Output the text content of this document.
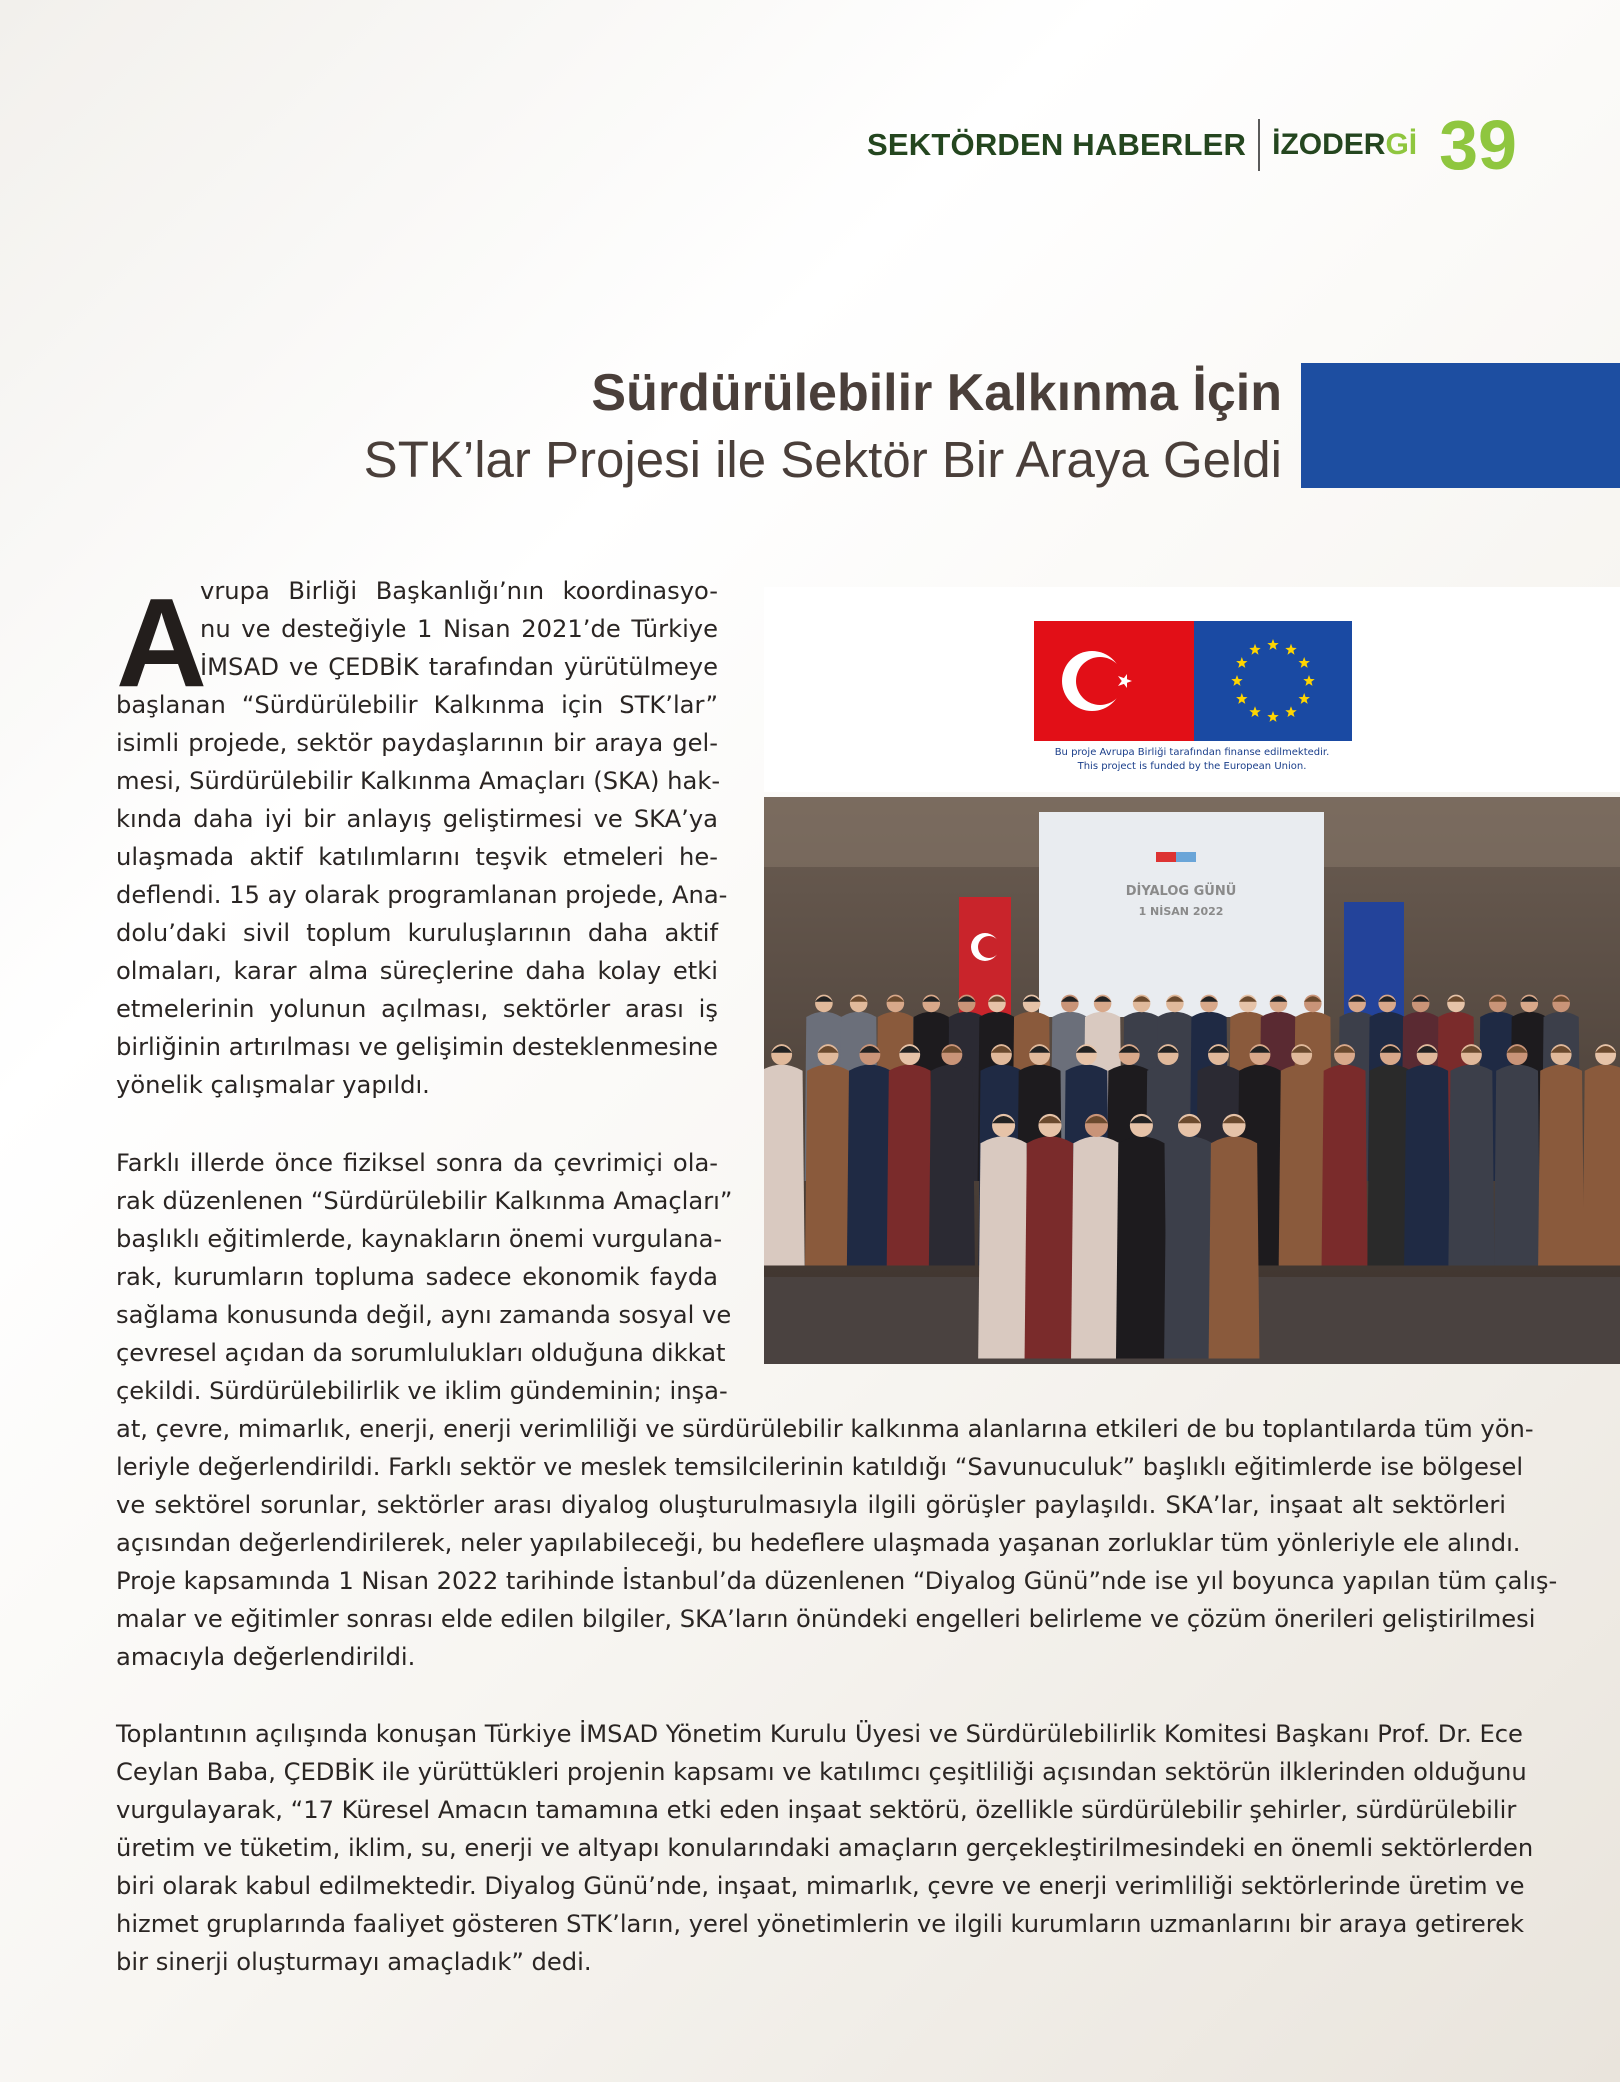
SEKTÖRDEN HABERLER İZODERGİ 39
Sürdürülebilir Kalkınma İçin
STK’lar Projesi ile Sektör Bir Araya Geldi
Bu proje Avrupa Birliği tarafından finanse edilmektedir.
This project is funded by the European Union.
DİYALOG GÜNÜ
1 NİSAN 2022
A
vrupa Birliği Başkanlığı’nın koordinasyo-
nu ve desteğiyle 1 Nisan 2021’de Türkiye
İMSAD ve ÇEDBİK tarafından yürütülmeye
başlanan “Sürdürülebilir Kalkınma için STK’lar”
isimli projede, sektör paydaşlarının bir araya gel-
mesi, Sürdürülebilir Kalkınma Amaçları (SKA) hak-
kında daha iyi bir anlayış geliştirmesi ve SKA’ya
ulaşmada aktif katılımlarını teşvik etmeleri he-
deflendi. 15 ay olarak programlanan projede, Ana-
dolu’daki sivil toplum kuruluşlarının daha aktif
olmaları, karar alma süreçlerine daha kolay etki
etmelerinin yolunun açılması, sektörler arası iş
birliğinin artırılması ve gelişimin desteklenmesine
yönelik çalışmalar yapıldı.
Farklı illerde önce fiziksel sonra da çevrimiçi ola-
rak düzenlenen “Sürdürülebilir Kalkınma Amaçları”
başlıklı eğitimlerde, kaynakların önemi vurgulana-
rak, kurumların topluma sadece ekonomik fayda
sağlama konusunda değil, aynı zamanda sosyal ve
çevresel açıdan da sorumlulukları olduğuna dikkat
çekildi. Sürdürülebilirlik ve iklim gündeminin; inşa-
at, çevre, mimarlık, enerji, enerji verimliliği ve sürdürülebilir kalkınma alanlarına etkileri de bu toplantılarda tüm yön-
leriyle değerlendirildi. Farklı sektör ve meslek temsilcilerinin katıldığı “Savunuculuk” başlıklı eğitimlerde ise bölgesel
ve sektörel sorunlar, sektörler arası diyalog oluşturulmasıyla ilgili görüşler paylaşıldı. SKA’lar, inşaat alt sektörleri
açısından değerlendirilerek, neler yapılabileceği, bu hedeflere ulaşmada yaşanan zorluklar tüm yönleriyle ele alındı.
Proje kapsamında 1 Nisan 2022 tarihinde İstanbul’da düzenlenen “Diyalog Günü”nde ise yıl boyunca yapılan tüm çalış-
malar ve eğitimler sonrası elde edilen bilgiler, SKA’ların önündeki engelleri belirleme ve çözüm önerileri geliştirilmesi
amacıyla değerlendirildi.
Toplantının açılışında konuşan Türkiye İMSAD Yönetim Kurulu Üyesi ve Sürdürülebilirlik Komitesi Başkanı Prof. Dr. Ece
Ceylan Baba, ÇEDBİK ile yürüttükleri projenin kapsamı ve katılımcı çeşitliliği açısından sektörün ilklerinden olduğunu
vurgulayarak, “17 Küresel Amacın tamamına etki eden inşaat sektörü, özellikle sürdürülebilir şehirler, sürdürülebilir
üretim ve tüketim, iklim, su, enerji ve altyapı konularındaki amaçların gerçekleştirilmesindeki en önemli sektörlerden
biri olarak kabul edilmektedir. Diyalog Günü’nde, inşaat, mimarlık, çevre ve enerji verimliliği sektörlerinde üretim ve
hizmet gruplarında faaliyet gösteren STK’ların, yerel yönetimlerin ve ilgili kurumların uzmanlarını bir araya getirerek
bir sinerji oluşturmayı amaçladık” dedi.
